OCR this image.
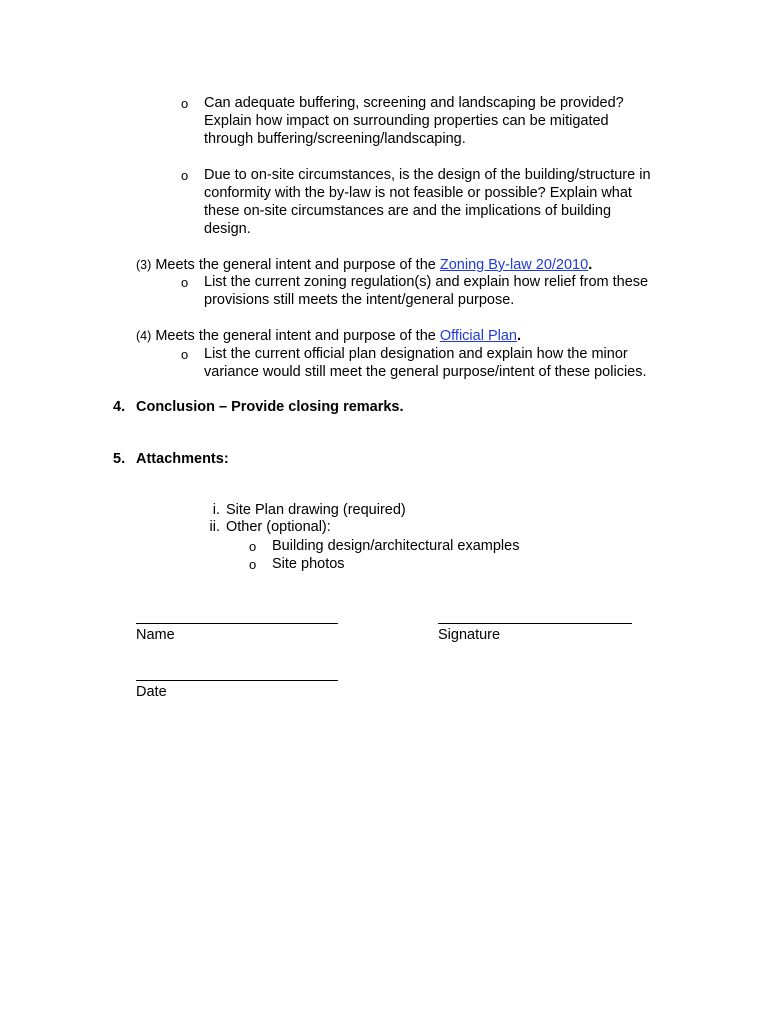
o Can adequate buffering, screening and landscaping be provided?
Explain how impact on surrounding properties can be mitigated
through buffering/screening/landscaping.
o Due to on-site circumstances, is the design of the building/structure in
conformity with the by-law is not feasible or possible? Explain what
these on-site circumstances are and the implications of building
design.
(3) Meets the general intent and purpose of the Zoning By-law 20/2010.
o List the current zoning regulation(s) and explain how relief from these
provisions still meets the intent/general purpose.
(4) Meets the general intent and purpose of the Official Plan.
o List the current official plan designation and explain how the minor
variance would still meet the general purpose/intent of these policies.
4. Conclusion – Provide closing remarks.
5. Attachments:
i. Site Plan drawing (required)
ii. Other (optional):
o Building design/architectural examples
o Site photos
Name	Signature
Date
